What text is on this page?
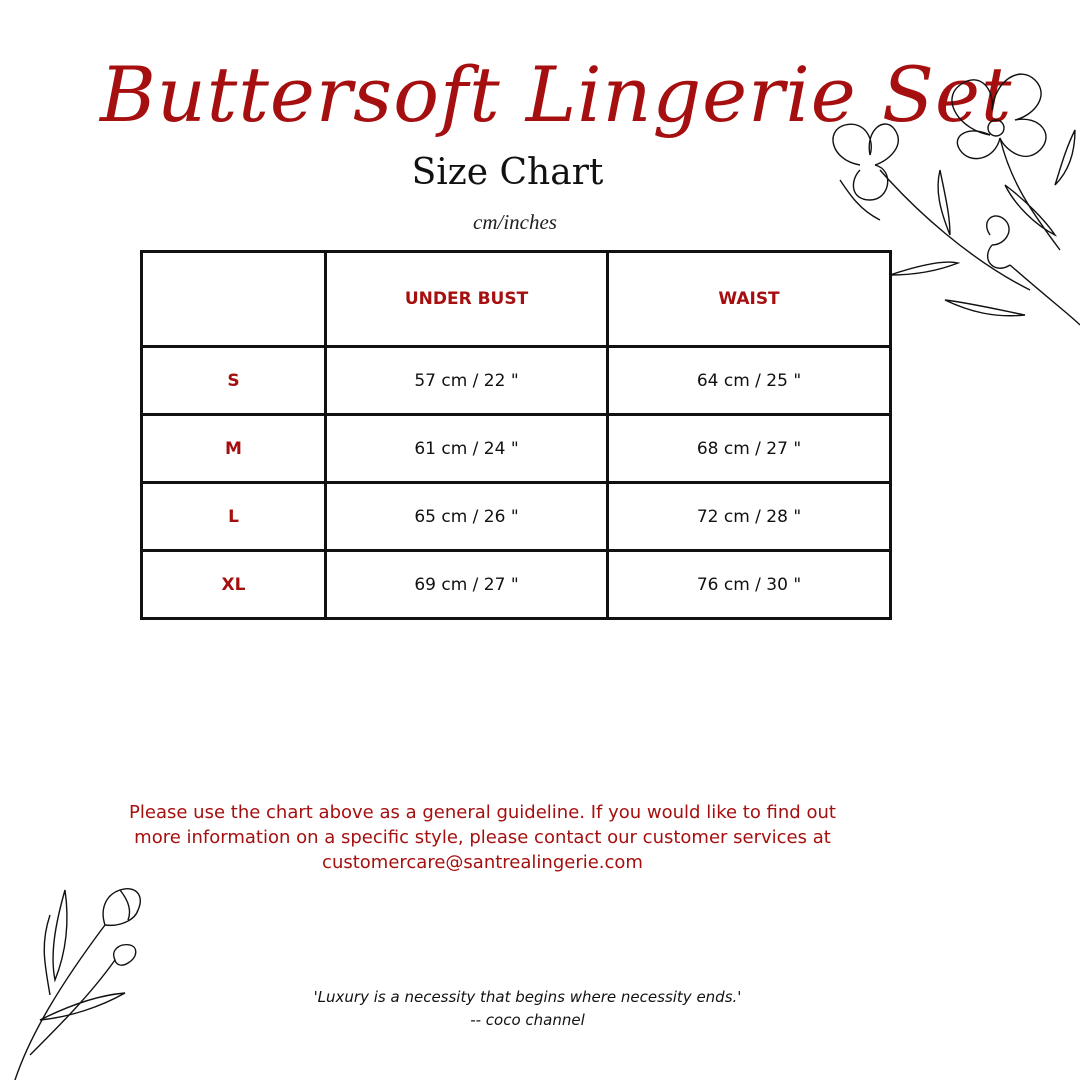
Buttersoft Lingerie Set
Size Chart
cm/inches
	UNDER BUST	WAIST
S	57 cm / 22 "	64 cm / 25 "
M	61 cm / 24 "	68 cm / 27 "
L	65 cm / 26 "	72 cm / 28 "
XL	69 cm / 27 "	76 cm / 30 "
Please use the chart above as a general guideline. If you would like to find out
more information on a specific style, please contact our customer services at
customercare@santrealingerie.com
'Luxury is a necessity that begins where necessity ends.'
-- coco channel
